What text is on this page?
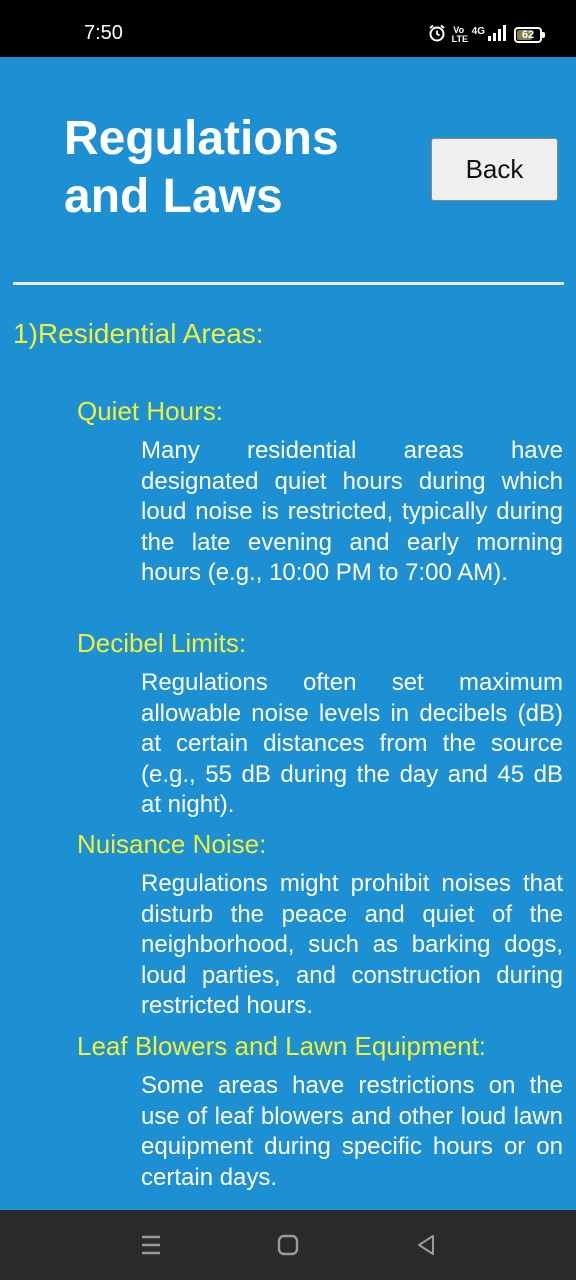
7:50	Vo
LTE
4G	62
Regulations and Laws
Back
1)Residential Areas:
Quiet Hours:

Many residential areas have designated quiet hours during which loud noise is restricted, typically during the late evening and early morning hours (e.g., 10:00 PM to 7:00 AM).

Decibel Limits:

Regulations often set maximum allowable noise levels in decibels (dB) at certain distances from the source (e.g., 55 dB during the day and 45 dB at night).

Nuisance Noise:

Regulations might prohibit noises that disturb the peace and quiet of the neighborhood, such as barking dogs, loud parties, and construction during restricted hours.

Leaf Blowers and Lawn Equipment:

Some areas have restrictions on the use of leaf blowers and other loud lawn equipment during specific hours or on certain days.
